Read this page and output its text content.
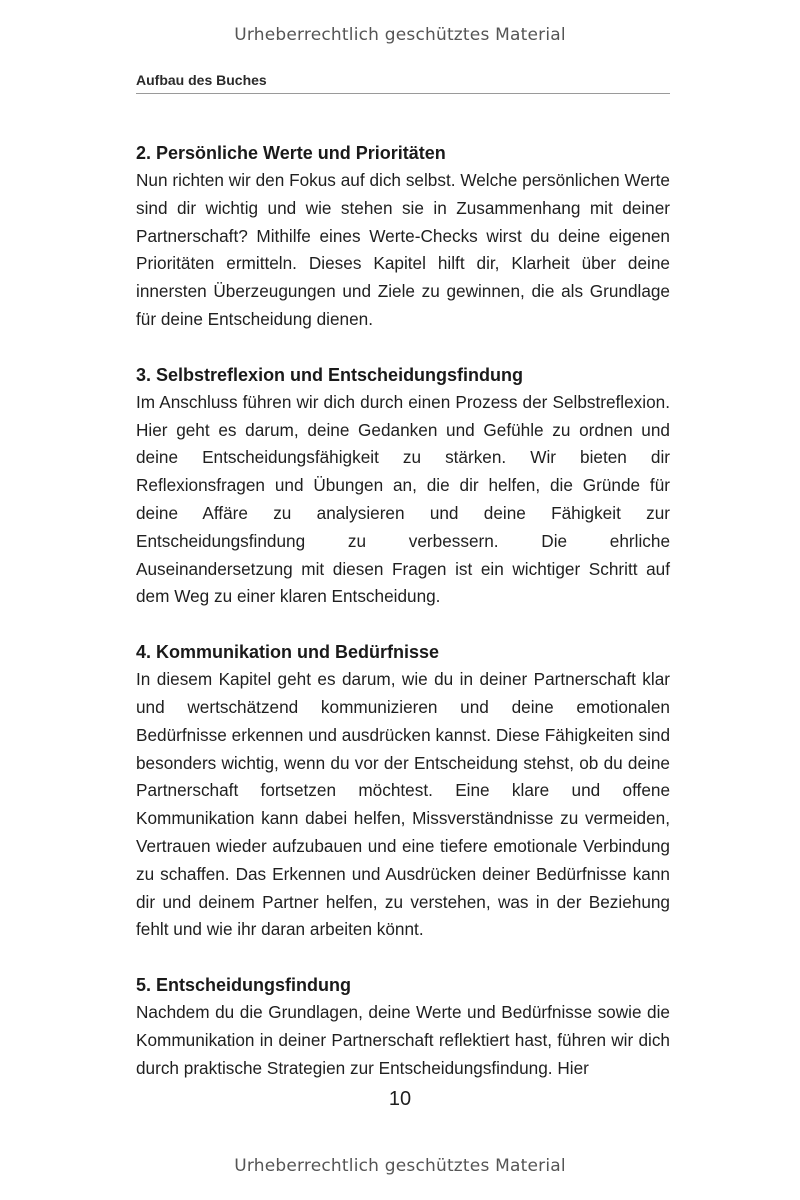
Urheberrechtlich geschütztes Material
Aufbau des Buches
2. Persönliche Werte und Prioritäten

Nun richten wir den Fokus auf dich selbst. Welche persönlichen Werte sind dir wichtig und wie stehen sie in Zusammenhang mit deiner Partnerschaft? Mithilfe eines Werte-Checks wirst du deine eigenen Prioritäten ermitteln. Dieses Kapitel hilft dir, Klarheit über deine innersten Überzeugungen und Ziele zu gewinnen, die als Grundlage für deine Entscheidung dienen.

3. Selbstreflexion und Entscheidungsfindung

Im Anschluss führen wir dich durch einen Prozess der Selbstreflexion. Hier geht es darum, deine Gedanken und Gefühle zu ordnen und deine Entscheidungsfähigkeit zu stärken. Wir bieten dir Reflexionsfragen und Übungen an, die dir helfen, die Gründe für deine Affäre zu analysieren und deine Fähigkeit zur Entscheidungsfindung zu verbessern. Die ehrliche Auseinandersetzung mit diesen Fragen ist ein wichtiger Schritt auf dem Weg zu einer klaren Entscheidung.

4. Kommunikation und Bedürfnisse

In diesem Kapitel geht es darum, wie du in deiner Partnerschaft klar und wertschätzend kommunizieren und deine emotionalen Bedürfnisse erkennen und ausdrücken kannst. Diese Fähigkeiten sind besonders wichtig, wenn du vor der Entscheidung stehst, ob du deine Partnerschaft fortsetzen möchtest. Eine klare und offene Kommunikation kann dabei helfen, Missverständnisse zu vermeiden, Vertrauen wieder aufzubauen und eine tiefere emotionale Verbindung zu schaffen. Das Erkennen und Ausdrücken deiner Bedürfnisse kann dir und deinem Partner helfen, zu verstehen, was in der Beziehung fehlt und wie ihr daran arbeiten könnt.

5. Entscheidungsfindung

Nachdem du die Grundlagen, deine Werte und Bedürfnisse sowie die Kommunikation in deiner Partnerschaft reflektiert hast, führen wir dich durch praktische Strategien zur Entscheidungsfindung. Hier

10
Urheberrechtlich geschütztes Material
